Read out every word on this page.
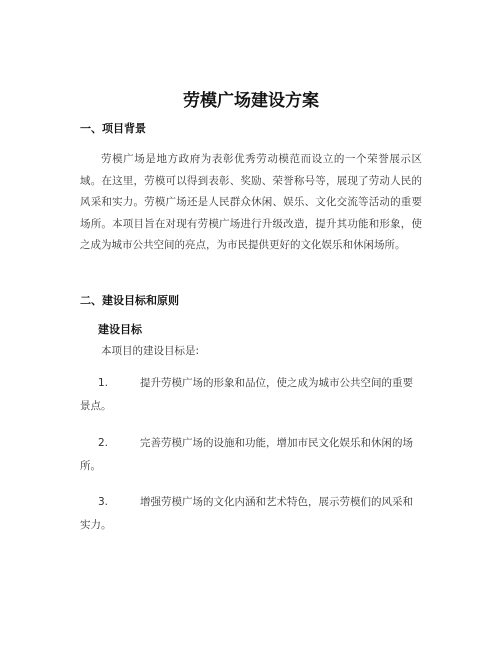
劳模广场建设方案
一、项目背景

劳模广场是地方政府为表彰优秀劳动模范而设立的一个荣誉展示区域。在这里，劳模可以得到表彰、奖励、荣誉称号等，展现了劳动人民的风采和实力。劳模广场还是人民群众休闲、娱乐、文化交流等活动的重要场所。本项目旨在对现有劳模广场进行升级改造，提升其功能和形象，使之成为城市公共空间的亮点，为市民提供更好的文化娱乐和休闲场所。

二、建设目标和原则
建设目标

本项目的建设目标是:

1.	提升劳模广场的形象和品位，使之成为城市公共空间的重要景点。
2.	完善劳模广场的设施和功能，增加市民文化娱乐和休闲的场所。
3.	增强劳模广场的文化内涵和艺术特色，展示劳模们的风采和实力。
